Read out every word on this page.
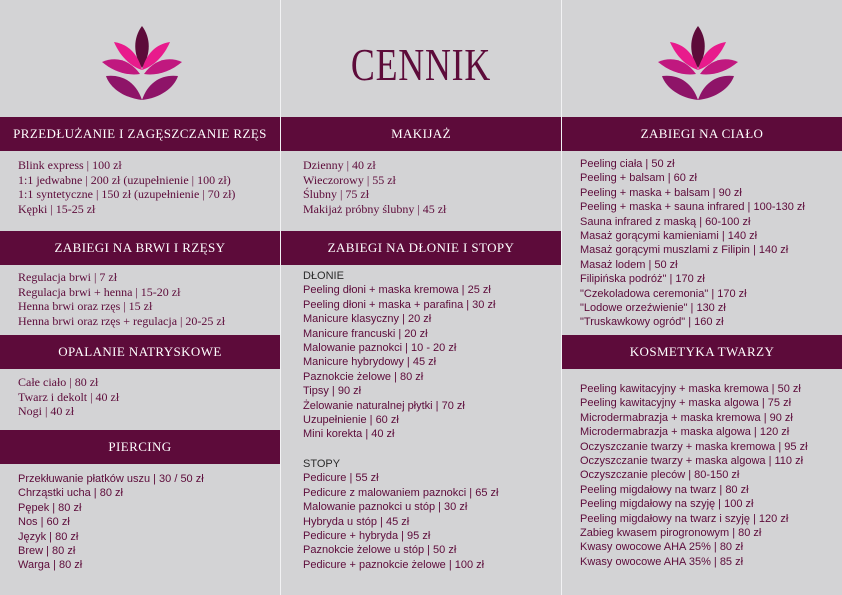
PRZEDŁUŻANIE I ZAGĘSZCZANIE RZĘS
Blink express | 100 zł
1:1 jedwabne | 200 zł (uzupełnienie | 100 zł)
1:1 syntetyczne | 150 zł (uzupełnienie | 70 zł)
Kępki | 15-25 zł
ZABIEGI NA BRWI I RZĘSY
Regulacja brwi | 7 zł
Regulacja brwi + henna | 15-20 zł
Henna brwi oraz rzęs | 15 zł
Henna brwi oraz rzęs + regulacja | 20-25 zł
OPALANIE NATRYSKOWE
Całe ciało | 80 zł
Twarz i dekolt | 40 zł
Nogi | 40 zł
PIERCING
Przekłuwanie płatków uszu | 30 / 50 zł
Chrząstki ucha | 80 zł
Pępek | 80 zł
Nos | 60 zł
Język | 80 zł
Brew | 80 zł
Warga | 80 zł
CENNIK
MAKIJAŻ
Dzienny | 40 zł
Wieczorowy | 55 zł
Ślubny | 75 zł
Makijaż próbny ślubny | 45 zł
ZABIEGI NA DŁONIE I STOPY
DŁONIE
Peeling dłoni + maska kremowa | 25 zł
Peeling dłoni + maska + parafina | 30 zł
Manicure klasyczny | 20 zł
Manicure francuski | 20 zł
Malowanie paznokci | 10 - 20 zł
Manicure hybrydowy | 45 zł
Paznokcie żelowe | 80 zł
Tipsy | 90 zł
Żelowanie naturalnej płytki | 70 zł
Uzupełnienie | 60 zł
Mini korekta | 40 zł
STOPY
Pedicure | 55 zł
Pedicure z malowaniem paznokci | 65 zł
Malowanie paznokci u stóp | 30 zł
Hybryda u stóp | 45 zł
Pedicure + hybryda | 95 zł
Paznokcie żelowe u stóp | 50 zł
Pedicure + paznokcie żelowe | 100 zł
ZABIEGI NA CIAŁO
Peeling ciała | 50 zł
Peeling + balsam | 60 zł
Peeling + maska + balsam | 90 zł
Peeling + maska + sauna infrared | 100-130 zł
Sauna infrared z maską | 60-100 zł
Masaż gorącymi kamieniami | 140 zł
Masaż gorącymi muszlami z Filipin | 140 zł
Masaż lodem | 50 zł
Filipińska podróż" | 170 zł
"Czekoladowa ceremonia" | 170 zł
"Lodowe orzeźwienie" | 130 zł
"Truskawkowy ogród" | 160 zł
KOSMETYKA TWARZY
Peeling kawitacyjny + maska kremowa | 50 zł
Peeling kawitacyjny + maska algowa | 75 zł
Microdermabrazja + maska kremowa | 90 zł
Microdermabrazja + maska algowa | 120 zł
Oczyszczanie twarzy + maska kremowa | 95 zł
Oczyszczanie twarzy + maska algowa | 110 zł
Oczyszczanie pleców | 80-150 zł
Peeling migdałowy na twarz | 80 zł
Peeling migdałowy na szyję | 100 zł
Peeling migdałowy na twarz i szyję | 120 zł
Zabieg kwasem pirogronowym | 80 zł
Kwasy owocowe AHA 25% | 80 zł
Kwasy owocowe AHA 35% | 85 zł
